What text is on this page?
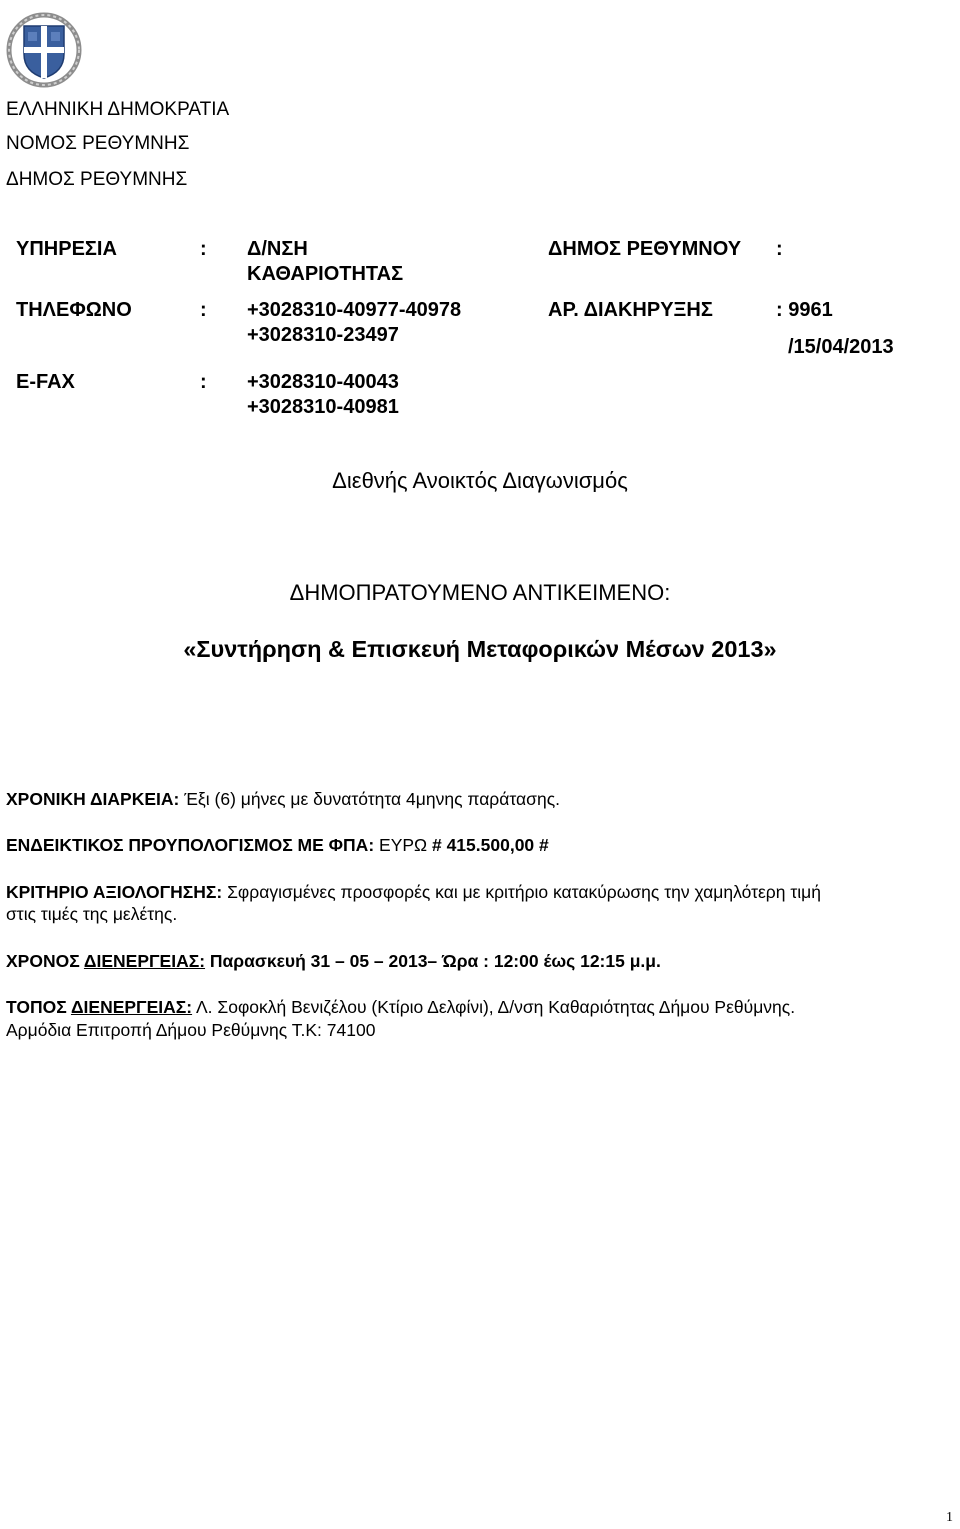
ΕΛΛΗΝΙΚΗ ΔΗΜΟΚΡΑΤΙΑ
ΝΟΜΟΣ ΡΕΘΥΜΝΗΣ
ΔΗΜΟΣ ΡΕΘΥΜΝΗΣ
ΥΠΗΡΕΣΙΑ	: Δ/ΝΣΗ
ΚΑΘΑΡΙΟΤΗΤΑΣ
ΔΗΜΟΣ ΡΕΘΥΜΝΟΥ :
ΤΗΛΕΦΩΝΟ	: +3028310-40977-40978
+3028310-23497
ΑΡ. ΔΙΑΚΗΡΥΞΗΣ	: 9961
/15/04/2013
E-FAX	: +3028310-40043
+3028310-40981
Διεθνής Ανοικτός Διαγωνισμός
ΔΗΜΟΠΡΑΤΟΥΜΕΝΟ ΑΝΤΙΚΕΙΜΕΝΟ:
«Συντήρηση & Επισκευή Μεταφορικών Μέσων 2013»
ΧΡΟΝΙΚΗ ΔΙΑΡΚΕΙΑ: Έξι (6) μήνες με δυνατότητα 4μηνης παράτασης.
ΕΝΔΕΙΚΤΙΚΟΣ ΠΡΟΥΠΟΛΟΓΙΣΜΟΣ ΜΕ ΦΠΑ: ΕΥΡΩ # 415.500,00 #
ΚΡΙΤΗΡΙΟ ΑΞΙΟΛΟΓΗΣΗΣ: Σφραγισμένες προσφορές και με κριτήριο κατακύρωσης την χαμηλότερη τιμή
στις τιμές της μελέτης.
ΧΡΟΝΟΣ ΔΙΕΝΕΡΓΕΙΑΣ: Παρασκευή 31 – 05 – 2013– Ώρα : 12:00 έως 12:15 μ.μ.
ΤΟΠΟΣ ΔΙΕΝΕΡΓΕΙΑΣ: Λ. Σοφοκλή Βενιζέλου (Κτίριο Δελφίνι), Δ/νση Καθαριότητας Δήμου Ρεθύμνης.
Αρμόδια Επιτροπή Δήμου Ρεθύμνης Τ.Κ: 74100
1
